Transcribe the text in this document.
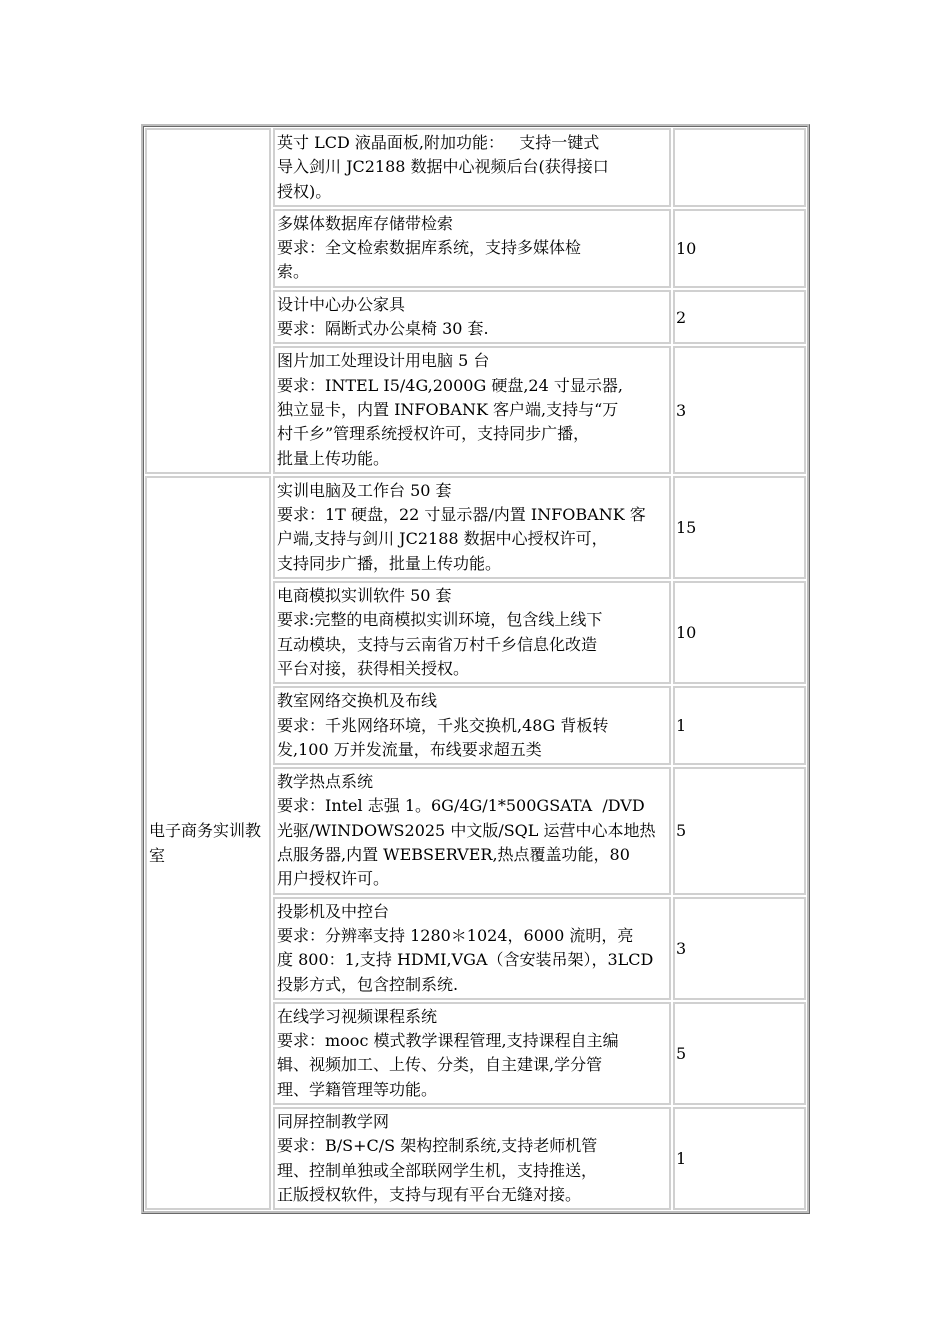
英寸 LCD 液晶面板,附加功能：   支持一键式
导入剑川 JC2188 数据中心视频后台(获得接口
授权)。
多媒体数据库存储带检索
要求：全文检索数据库系统，支持多媒体检
索。
10
设计中心办公家具
要求：隔断式办公桌椅 30 套.
2
图片加工处理设计用电脑 5 台
要求：INTEL I5/4G,2000G 硬盘,24 寸显示器,
独立显卡，内置 INFOBANK 客户端,支持与“万
村千乡”管理系统授权许可，支持同步广播，
批量上传功能。
3
电子商务实训教室
实训电脑及工作台 50 套
要求：1T 硬盘，22 寸显示器/内置 INFOBANK 客
户端,支持与剑川 JC2188 数据中心授权许可，
支持同步广播，批量上传功能。
15
电商模拟实训软件 50 套
要求:完整的电商模拟实训环境，包含线上线下
互动模块，支持与云南省万村千乡信息化改造
平台对接，获得相关授权。
10
教室网络交换机及布线
要求：千兆网络环境，千兆交换机,48G 背板转
发,100 万并发流量，布线要求超五类
1
教学热点系统
要求：Intel 志强 1。6G/4G/1*500GSATA  /DVD
光驱/WINDOWS2025 中文版/SQL 运营中心本地热
点服务器,内置 WEBSERVER,热点覆盖功能，80
用户授权许可。
5
投影机及中控台
要求：分辨率支持 1280＊1024，6000 流明，亮
度 800：1,支持 HDMI,VGA（含安装吊架），3LCD
投影方式，包含控制系统.
3
在线学习视频课程系统
要求：mooc 模式教学课程管理,支持课程自主编
辑、视频加工、上传、分类，自主建课,学分管
理、学籍管理等功能。
5
同屏控制教学网
要求：B/S+C/S 架构控制系统,支持老师机管
理、控制单独或全部联网学生机，支持推送，
正版授权软件，支持与现有平台无缝对接。
1
